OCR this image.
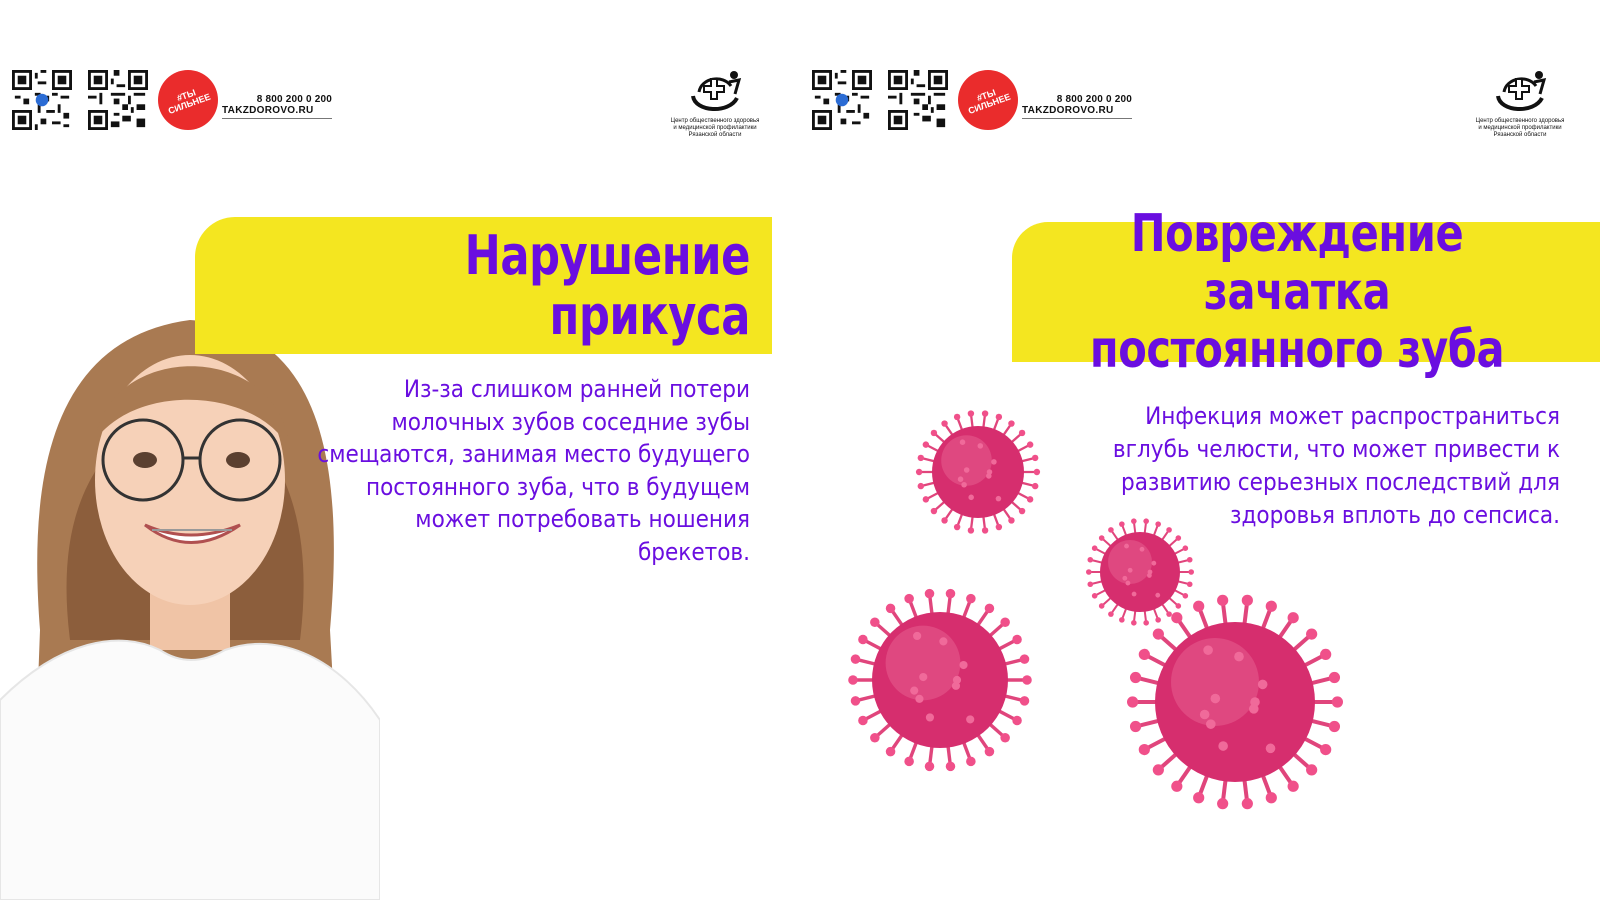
#ТЫ СИЛЬНЕЕ	8 800 200 0 200
TAKZDOROVO.RU
Центр общественного здоровья
и медицинской профилактики
Рязанской области
Нарушение прикуса
Из-за слишком ранней потери молочных зубов соседние зубы смещаются, занимая место будущего постоянного зуба, что в будущем может потребовать ношения брекетов.
#ТЫ СИЛЬНЕЕ	8 800 200 0 200
TAKZDOROVO.RU
Центр общественного здоровья
и медицинской профилактики
Рязанской области
Повреждение зачатка постоянного зуба
Инфекция может распространиться вглубь челюсти, что может привести к развитию серьезных последствий для здоровья вплоть до сепсиса.
